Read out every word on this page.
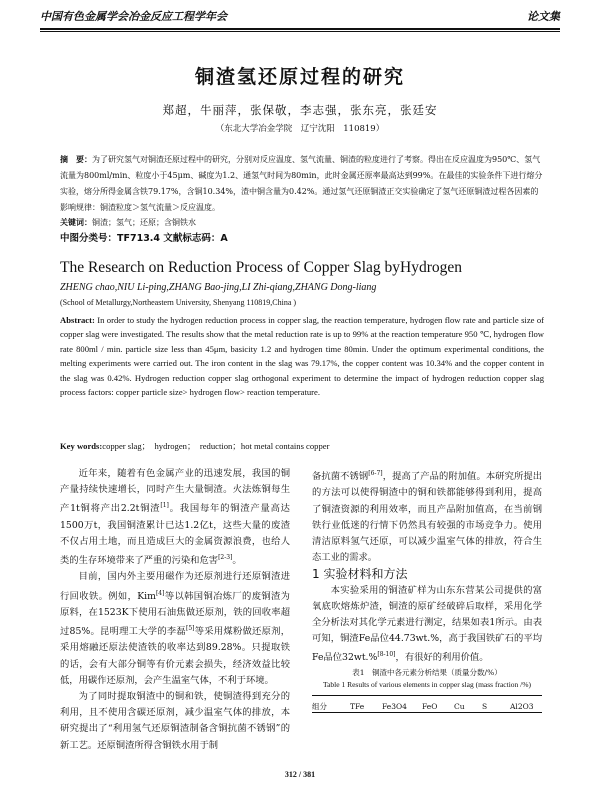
中国有色金属学会冶金反应工程学年会	论文集
铜渣氢还原过程的研究
郑超，牛丽萍，张保敬，李志强，张东亮，张廷安
（东北大学冶金学院　辽宁沈阳　110819）
摘　要：为了研究氢气对铜渣还原过程中的研究，分别对反应温度、氢气流量、铜渣的粒度进行了考察。得出在反应温度为950℃、氢气流量为800ml/min、粒度小于45μm、碱度为1.2、通氢气时间为80min，此时金属还原率最高达到99%。在最佳的实验条件下进行熔分实验，熔分所得金属含铁79.17%，含铜10.34%，渣中铜含量为0.42%。通过氢气还原铜渣正交实验确定了氢气还原铜渣过程各因素的影响规律：铜渣粒度＞氢气流量＞反应温度。
关键词：铜渣；氢气；还原；含铜铁水
中图分类号：TF713.4 文献标志码：A
The Research on Reduction Process of Copper Slag byHydrogen
ZHENG chao,NIU Li-ping,ZHANG Bao-jing,LI Zhi-qiang,ZHANG Dong-liang
(School of Metallurgy,Northeastern University, Shenyang 110819,China )
Abstract: In order to study the hydrogen reduction process in copper slag, the reaction temperature, hydrogen flow rate and particle size of copper slag were investigated. The results show that the metal reduction rate is up to 99% at the reaction temperature 950 ℃, hydrogen flow rate 800ml / min. particle size less than 45μm, basicity 1.2 and hydrogen time 80min. Under the optimum experimental conditions, the melting experiments were carried out. The iron content in the slag was 79.17%, the copper content was 10.34% and the copper content in the slag was 0.42%. Hydrogen reduction copper slag orthogonal experiment to determine the impact of hydrogen reduction copper slag process factors: copper particle size> hydrogen flow> reaction temperature.
Key words:copper slag；　hydrogen；　reduction；hot metal contains copper

近年来，随着有色金属产业的迅速发展，我国的铜产量持续快速增长，同时产生大量铜渣。火法炼铜每生产1t铜将产出2.2t铜渣[1]。我国每年的铜渣产量高达1500万t，我国铜渣累计已达1.2亿t，这些大量的废渣不仅占用土地，而且造成巨大的金属资源浪费，也给人类的生存环境带来了严重的污染和危害[2-3]。

目前，国内外主要用磁作为还原剂进行还原铜渣进行回收铁。例如，Kim[4]等以韩国铜冶炼厂的废铜渣为原料，在1523K下使用石油焦做还原剂，铁的回收率超过85%。昆明理工大学的李磊[5]等采用煤粉做还原剂，采用熔融还原法使渣铁的收率达到89.28%。只提取铁的话，会有大部分铜等有价元素会损失，经济效益比较低，用碳作还原剂，会产生温室气体，不利于环境。

为了同时提取铜渣中的铜和铁，使铜渣得到充分的利用，且不使用含碳还原剂，减少温室气体的排放，本研究提出了“利用氢气还原铜渣制备含铜抗菌不锈钢”的新工艺。还原铜渣所得含铜铁水用于制

备抗菌不锈钢[6-7]，提高了产品的附加值。本研究所提出的方法可以使得铜渣中的铜和铁都能够得到利用，提高了铜渣资源的利用效率，而且产品附加值高，在当前钢铁行业低迷的行情下仍然具有较强的市场竞争力。使用清洁原料氢气还原，可以减少温室气体的排放，符合生态工业的需求。

1 实验材料和方法

本实验采用的铜渣矿样为山东东营某公司提供的富氧底吹熔炼炉渣，铜渣的原矿经破碎后取样，采用化学全分析法对其化学元素进行测定，结果如表1所示。由表可知，铜渣Fe品位44.73wt.%，高于我国铁矿石的平均Fe品位32wt.%[8-10]，有很好的利用价值。

表1　铜渣中各元素分析结果（质量分数/%）

Table 1 Results of various elements in copper slag (mass fraction /%)

组分	TFe Fe3O4 FeO Cu S	Al2O3
312 / 381
